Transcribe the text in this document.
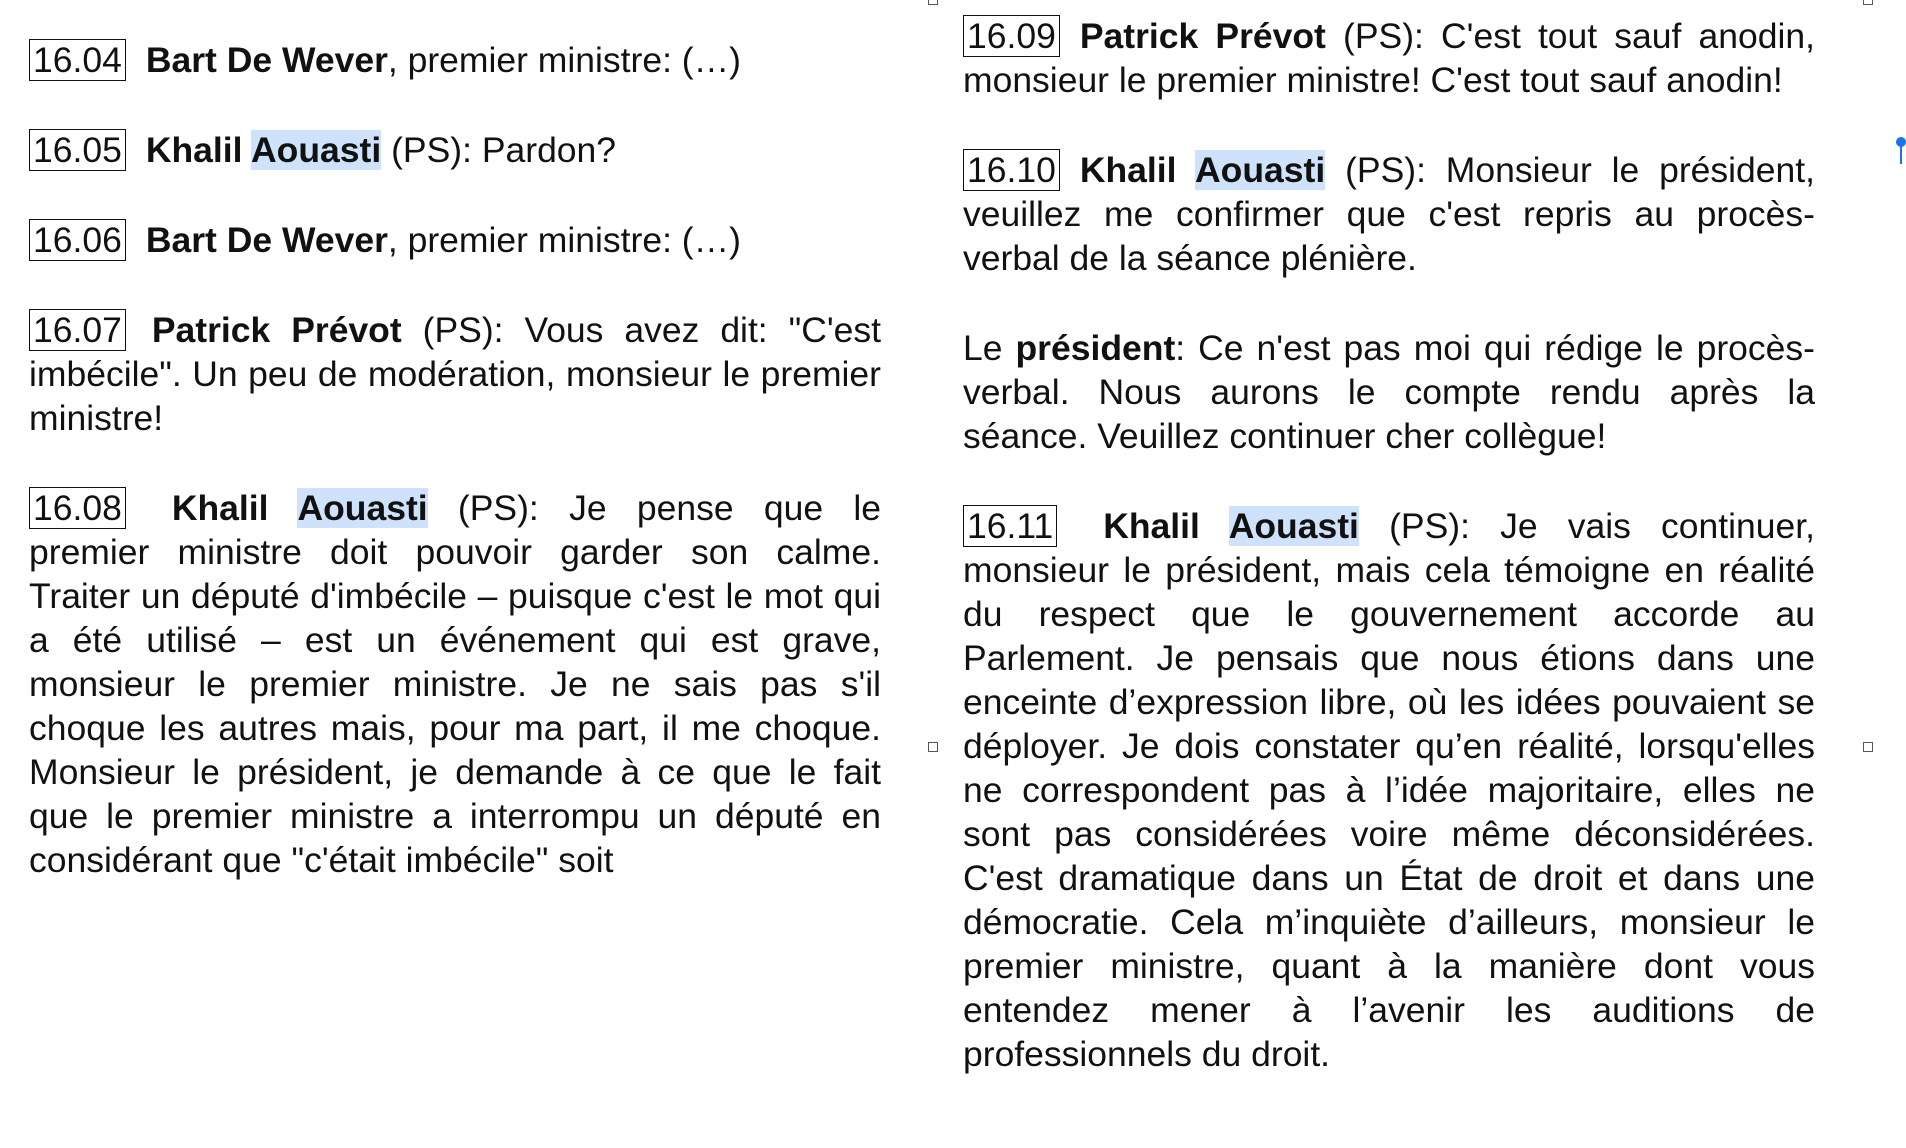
16.04 Bart De Wever, premier ministre: (…)

16.05 Khalil Aouasti (PS): Pardon?

16.06 Bart De Wever, premier ministre: (…)

16.07 Patrick Prévot (PS): Vous avez dit: "C'est imbécile". Un peu de modération, monsieur le premier ministre!

16.08 Khalil Aouasti (PS): Je pense que le premier ministre doit pouvoir garder son calme. Traiter un député d'imbécile – puisque c'est le mot qui a été utilisé – est un événement qui est grave, monsieur le premier ministre. Je ne sais pas s'il choque les autres mais, pour ma part, il me choque. Monsieur le président, je demande à ce que le fait que le premier ministre a interrompu un député en considérant que "c'était imbécile" soit

16.09 Patrick Prévot (PS): C'est tout sauf anodin, monsieur le premier ministre! C'est tout sauf anodin!

16.10 Khalil Aouasti (PS): Monsieur le président, veuillez me confirmer que c'est repris au procès-verbal de la séance plénière.

Le président: Ce n'est pas moi qui rédige le procès-verbal. Nous aurons le compte rendu après la séance. Veuillez continuer cher collègue!

16.11 Khalil Aouasti (PS): Je vais continuer, monsieur le président, mais cela témoigne en réalité du respect que le gouvernement accorde au Parlement. Je pensais que nous étions dans une enceinte d’expression libre, où les idées pouvaient se déployer. Je dois constater qu’en réalité, lorsqu'elles ne correspondent pas à l’idée majoritaire, elles ne sont pas considérées voire même déconsidérées. C'est dramatique dans un État de droit et dans une démocratie. Cela m’inquiète d’ailleurs, monsieur le premier ministre, quant à la manière dont vous entendez mener à l’avenir les auditions de professionnels du droit.
